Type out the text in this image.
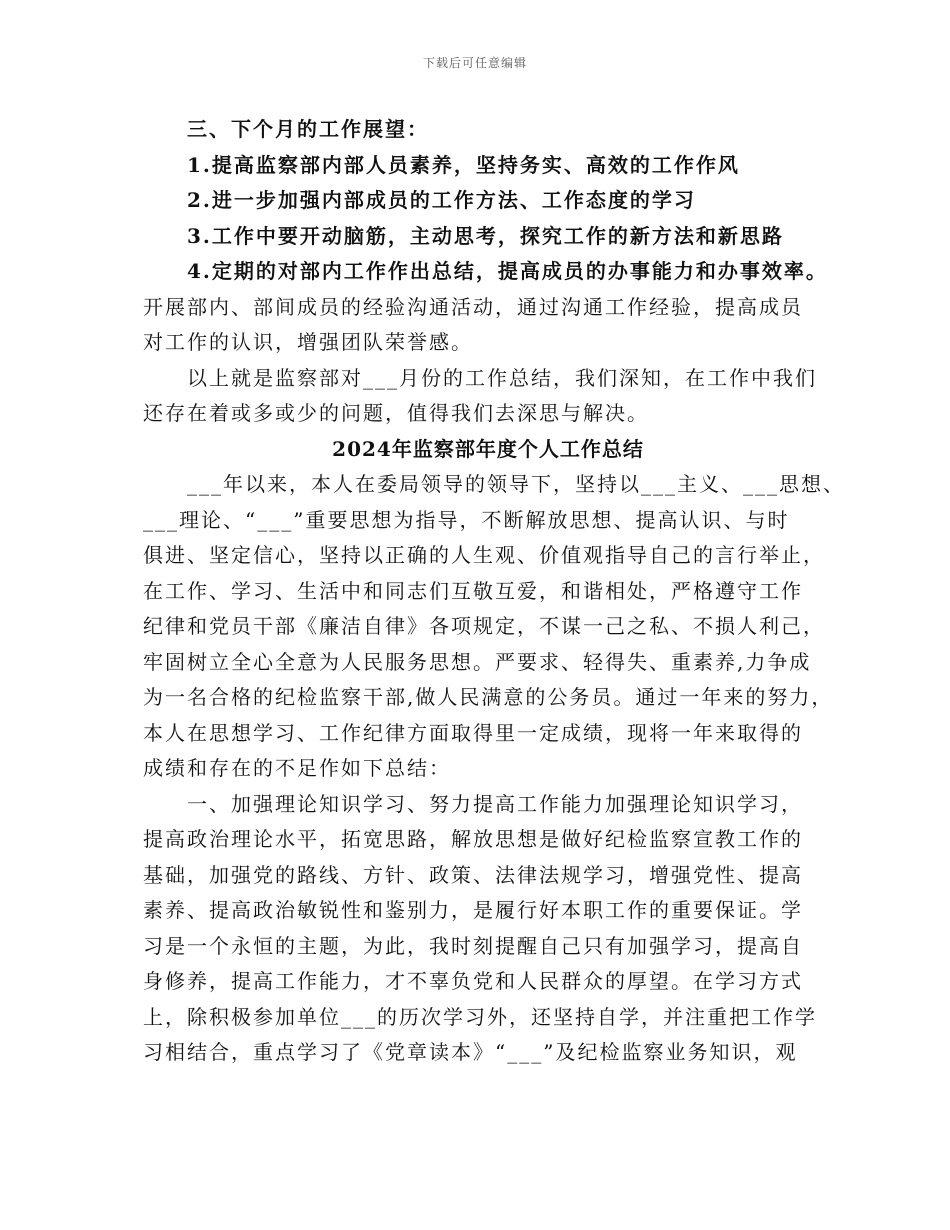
下载后可任意编辑
三、下个月的工作展望：
1.提高监察部内部人员素养，坚持务实、高效的工作作风
2.进一步加强内部成员的工作方法、工作态度的学习
3.工作中要开动脑筋，主动思考，探究工作的新方法和新思路
4.定期的对部内工作作出总结，提高成员的办事能力和办事效率。
开展部内、部间成员的经验沟通活动，通过沟通工作经验，提高成员
对工作的认识，增强团队荣誉感。
以上就是监察部对___月份的工作总结，我们深知，在工作中我们
还存在着或多或少的问题，值得我们去深思与解决。
2024年监察部年度个人工作总结
___年以来，本人在委局领导的领导下，坚持以___主义、___思想、
___理论、“___”重要思想为指导，不断解放思想、提高认识、与时
俱进、坚定信心，坚持以正确的人生观、价值观指导自己的言行举止，
在工作、学习、生活中和同志们互敬互爱，和谐相处，严格遵守工作
纪律和党员干部《廉洁自律》各项规定，不谋一己之私、不损人利己，
牢固树立全心全意为人民服务思想。严要求、轻得失、重素养,力争成
为一名合格的纪检监察干部,做人民满意的公务员。通过一年来的努力，
本人在思想学习、工作纪律方面取得里一定成绩，现将一年来取得的
成绩和存在的不足作如下总结：
一、加强理论知识学习、努力提高工作能力加强理论知识学习，
提高政治理论水平，拓宽思路，解放思想是做好纪检监察宣教工作的
基础，加强党的路线、方针、政策、法律法规学习，增强党性、提高
素养、提高政治敏锐性和鉴别力，是履行好本职工作的重要保证。学
习是一个永恒的主题，为此，我时刻提醒自己只有加强学习，提高自
身修养，提高工作能力，才不辜负党和人民群众的厚望。在学习方式
上，除积极参加单位___的历次学习外，还坚持自学，并注重把工作学
习相结合，重点学习了《党章读本》“___”及纪检监察业务知识，观
